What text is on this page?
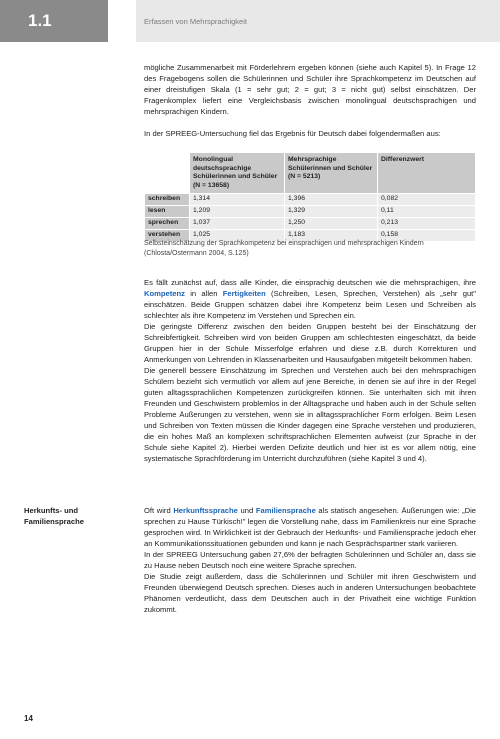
1.1	Erfassen von Mehrsprachigkeit

mögliche Zusammenarbeit mit Förderlehrern ergeben können (siehe auch Kapitel 5). In Frage 12 des Fragebogens sollen die Schülerinnen und Schüler ihre Sprachkompetenz im Deutschen auf einer dreistufigen Skala (1 = sehr gut; 2 = gut; 3 = nicht gut) selbst einschätzen. Der Fragenkomplex liefert eine Vergleichsbasis zwischen monolingual deutschsprachigen und mehrsprachigen Kindern.

In der SPREEG-Untersuchung fiel das Ergebnis für Deutsch dabei folgendermaßen aus:

	Monolingual deutschsprachige Schülerinnen und Schüler (N = 13658)	Mehrsprachige Schülerinnen und Schüler (N = 5213)	Differenzwert
schreiben	1,314	1,396	0,082
lesen	1,209	1,329	0,11
sprechen	1,037	1,250	0,213
verstehen	1,025	1,183	0,158
Selbsteinschätzung der Sprachkompetenz bei einsprachigen und mehrsprachigen Kindern (Chlosta/Ostermann 2004, S.125)

Es fällt zunächst auf, dass alle Kinder, die einsprachig deutschen wie die mehrsprachigen, ihre Kompetenz in allen Fertigkeiten (Schreiben, Lesen, Sprechen, Verstehen) als „sehr gut" einschätzen. Beide Gruppen schätzen dabei ihre Kompetenz beim Lesen und Schreiben als schlechter als ihre Kompetenz im Verstehen und Sprechen ein.

Die geringste Differenz zwischen den beiden Gruppen besteht bei der Einschätzung der Schreibfertigkeit. Schreiben wird von beiden Gruppen am schlechtesten eingeschätzt, da beide Gruppen hier in der Schule Misserfolge erfahren und diese z.B. durch Korrekturen und Anmerkungen von Lehrenden in Klassenarbeiten und Hausaufgaben mitgeteilt bekommen haben.

Die generell bessere Einschätzung im Sprechen und Verstehen auch bei den mehrsprachigen Schülern bezieht sich vermutlich vor allem auf jene Bereiche, in denen sie auf ihre in der Regel guten alltagssprachlichen Kompetenzen zurückgreifen können. Sie unterhalten sich mit ihren Freunden und Geschwistern problemlos in der Alltagsprache und haben auch in der Schule selten Probleme Äußerungen zu verstehen, wenn sie in alltagssprachlicher Form erfolgen. Beim Lesen und Schreiben von Texten müssen die Kinder dagegen eine Sprache verstehen und produzieren, die ein hohes Maß an komplexen schriftsprachlichen Elementen aufweist (zur Sprache in der Schule siehe Kapitel 2). Hierbei werden Defizite deutlich und hier ist es vor allem nötig, eine systematische Sprachförderung im Unterricht durchzuführen (siehe Kapitel 3 und 4).

Herkunfts- und Familiensprache

Oft wird Herkunftssprache und Familiensprache als statisch angesehen. Äußerungen wie: „Die sprechen zu Hause Türkisch!" legen die Vorstellung nahe, dass im Familienkreis nur eine Sprache gesprochen wird. In Wirklichkeit ist der Gebrauch der Herkunfts- und Familiensprache jedoch eher an Kommunikationssituationen gebunden und kann je nach Gesprächspartner stark variieren.

In der SPREEG Untersuchung gaben 27,6% der befragten Schülerinnen und Schüler an, dass sie zu Hause neben Deutsch noch eine weitere Sprache sprechen.

Die Studie zeigt außerdem, dass die Schülerinnen und Schüler mit ihren Geschwistern und Freunden überwiegend Deutsch sprechen. Dieses auch in anderen Untersuchungen beobachtete Phänomen verdeutlicht, dass dem Deutschen auch in der Privatheit eine wichtige Funktion zukommt.

14
